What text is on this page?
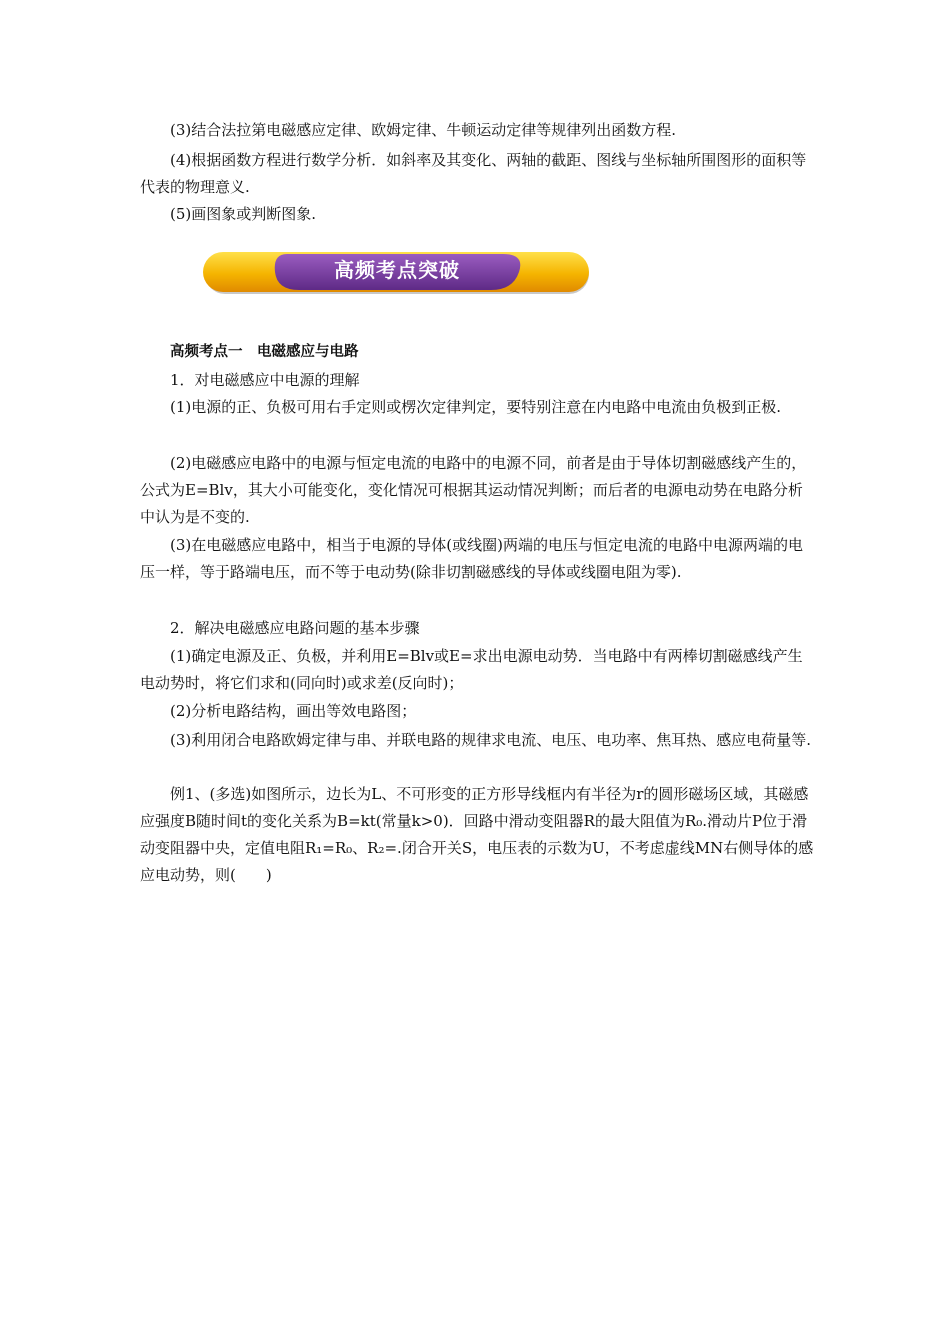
(3)结合法拉第电磁感应定律、欧姆定律、牛顿运动定律等规律列出函数方程.

(4)根据函数方程进行数学分析．如斜率及其变化、两轴的截距、图线与坐标轴所围图形的面积等代表的物理意义.

(5)画图象或判断图象.

高频考点突破

高频考点一　电磁感应与电路

1．对电磁感应中电源的理解

(1)电源的正、负极可用右手定则或楞次定律判定，要特别注意在内电路中电流由负极到正极.

(2)电磁感应电路中的电源与恒定电流的电路中的电源不同，前者是由于导体切割磁感线产生的，公式为E=Blv，其大小可能变化，变化情况可根据其运动情况判断；而后者的电源电动势在电路分析中认为是不变的.

(3)在电磁感应电路中，相当于电源的导体(或线圈)两端的电压与恒定电流的电路中电源两端的电压一样，等于路端电压，而不等于电动势(除非切割磁感线的导体或线圈电阻为零).

2．解决电磁感应电路问题的基本步骤

(1)确定电源及正、负极，并利用E=Blv或E=求出电源电动势．当电路中有两棒切割磁感线产生电动势时，将它们求和(同向时)或求差(反向时)；

(2)分析电路结构，画出等效电路图；

(3)利用闭合电路欧姆定律与串、并联电路的规律求电流、电压、电功率、焦耳热、感应电荷量等.

例1、(多选)如图所示，边长为L、不可形变的正方形导线框内有半径为r的圆形磁场区域，其磁感应强度B随时间t的变化关系为B=kt(常量k>0)．回路中滑动变阻器R的最大阻值为R₀.滑动片P位于滑动变阻器中央，定值电阻R₁=R₀、R₂=.闭合开关S，电压表的示数为U，不考虑虚线MN右侧导体的感应电动势，则(　　)
